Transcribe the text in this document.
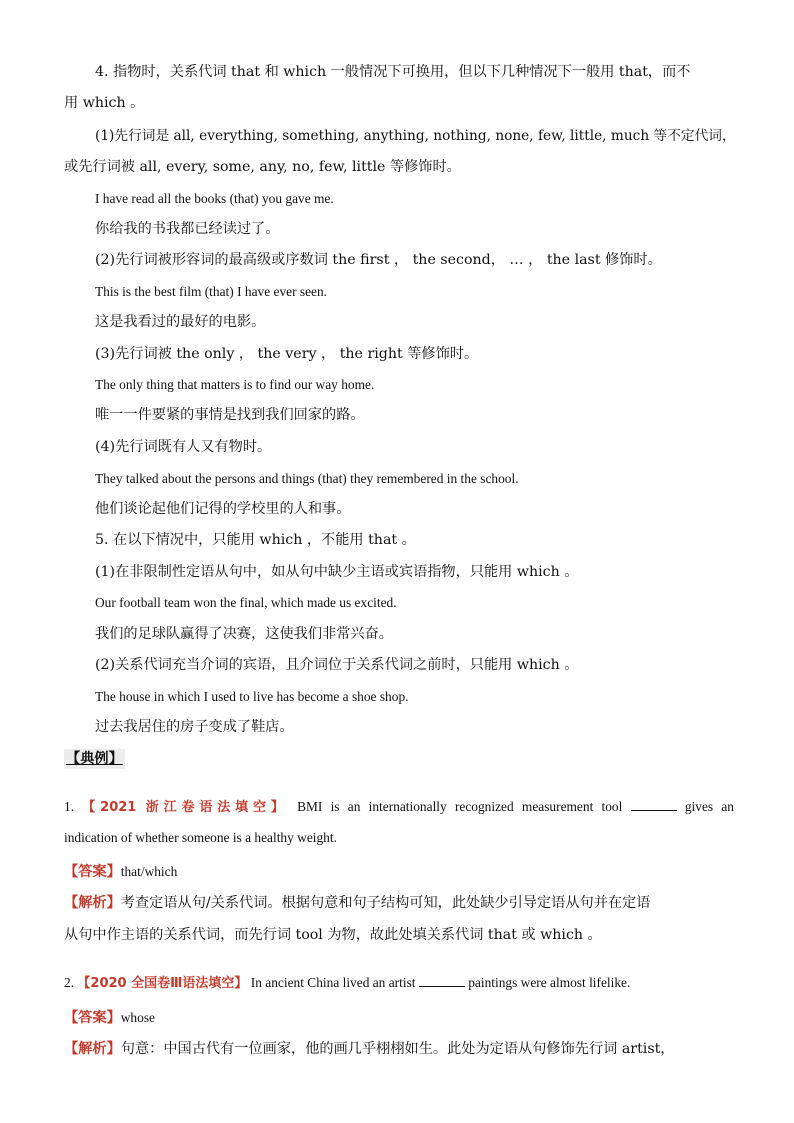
4. 指物时，关系代词 that 和 which 一般情况下可换用，但以下几种情况下一般用 that，而不
用 which 。
(1)先行词是 all, everything, something, anything, nothing, none, few, little, much 等不定代词，
或先行词被 all, every, some, any, no, few, little 等修饰时。
I have read all the books (that) you gave me.
你给我的书我都已经读过了。
(2)先行词被形容词的最高级或序数词 the first ， the second， … ， the last 修饰时。
This is the best film (that) I have ever seen.
这是我看过的最好的电影。
(3)先行词被 the only ， the very ， the right 等修饰时。
The only thing that matters is to find our way home.
唯一一件要紧的事情是找到我们回家的路。
(4)先行词既有人又有物时。
They talked about the persons and things (that) they remembered in the school.
他们谈论起他们记得的学校里的人和事。
5. 在以下情况中，只能用 which ，不能用 that 。
(1)在非限制性定语从句中，如从句中缺少主语或宾语指物，只能用 which 。
Our football team won the final, which made us excited.
我们的足球队赢得了决赛，这使我们非常兴奋。
(2)关系代词充当介词的宾语，且介词位于关系代词之前时，只能用 which 。
The house in which I used to live has become a shoe shop.
过去我居住的房子变成了鞋店。
【典例】
1. 【2021 浙江卷语法填空】 BMI is an internationally recognized measurement tool	gives an
indication of whether someone is a healthy weight.
【答案】that/which
【解析】考查定语从句/关系代词。根据句意和句子结构可知，此处缺少引导定语从句并在定语
从句中作主语的关系代词，而先行词 tool 为物，故此处填关系代词 that 或 which 。
2. 【2020 全国卷Ⅲ语法填空】 In ancient China lived an artist	paintings were almost lifelike.
【答案】whose
【解析】句意：中国古代有一位画家，他的画几乎栩栩如生。此处为定语从句修饰先行词 artist，
